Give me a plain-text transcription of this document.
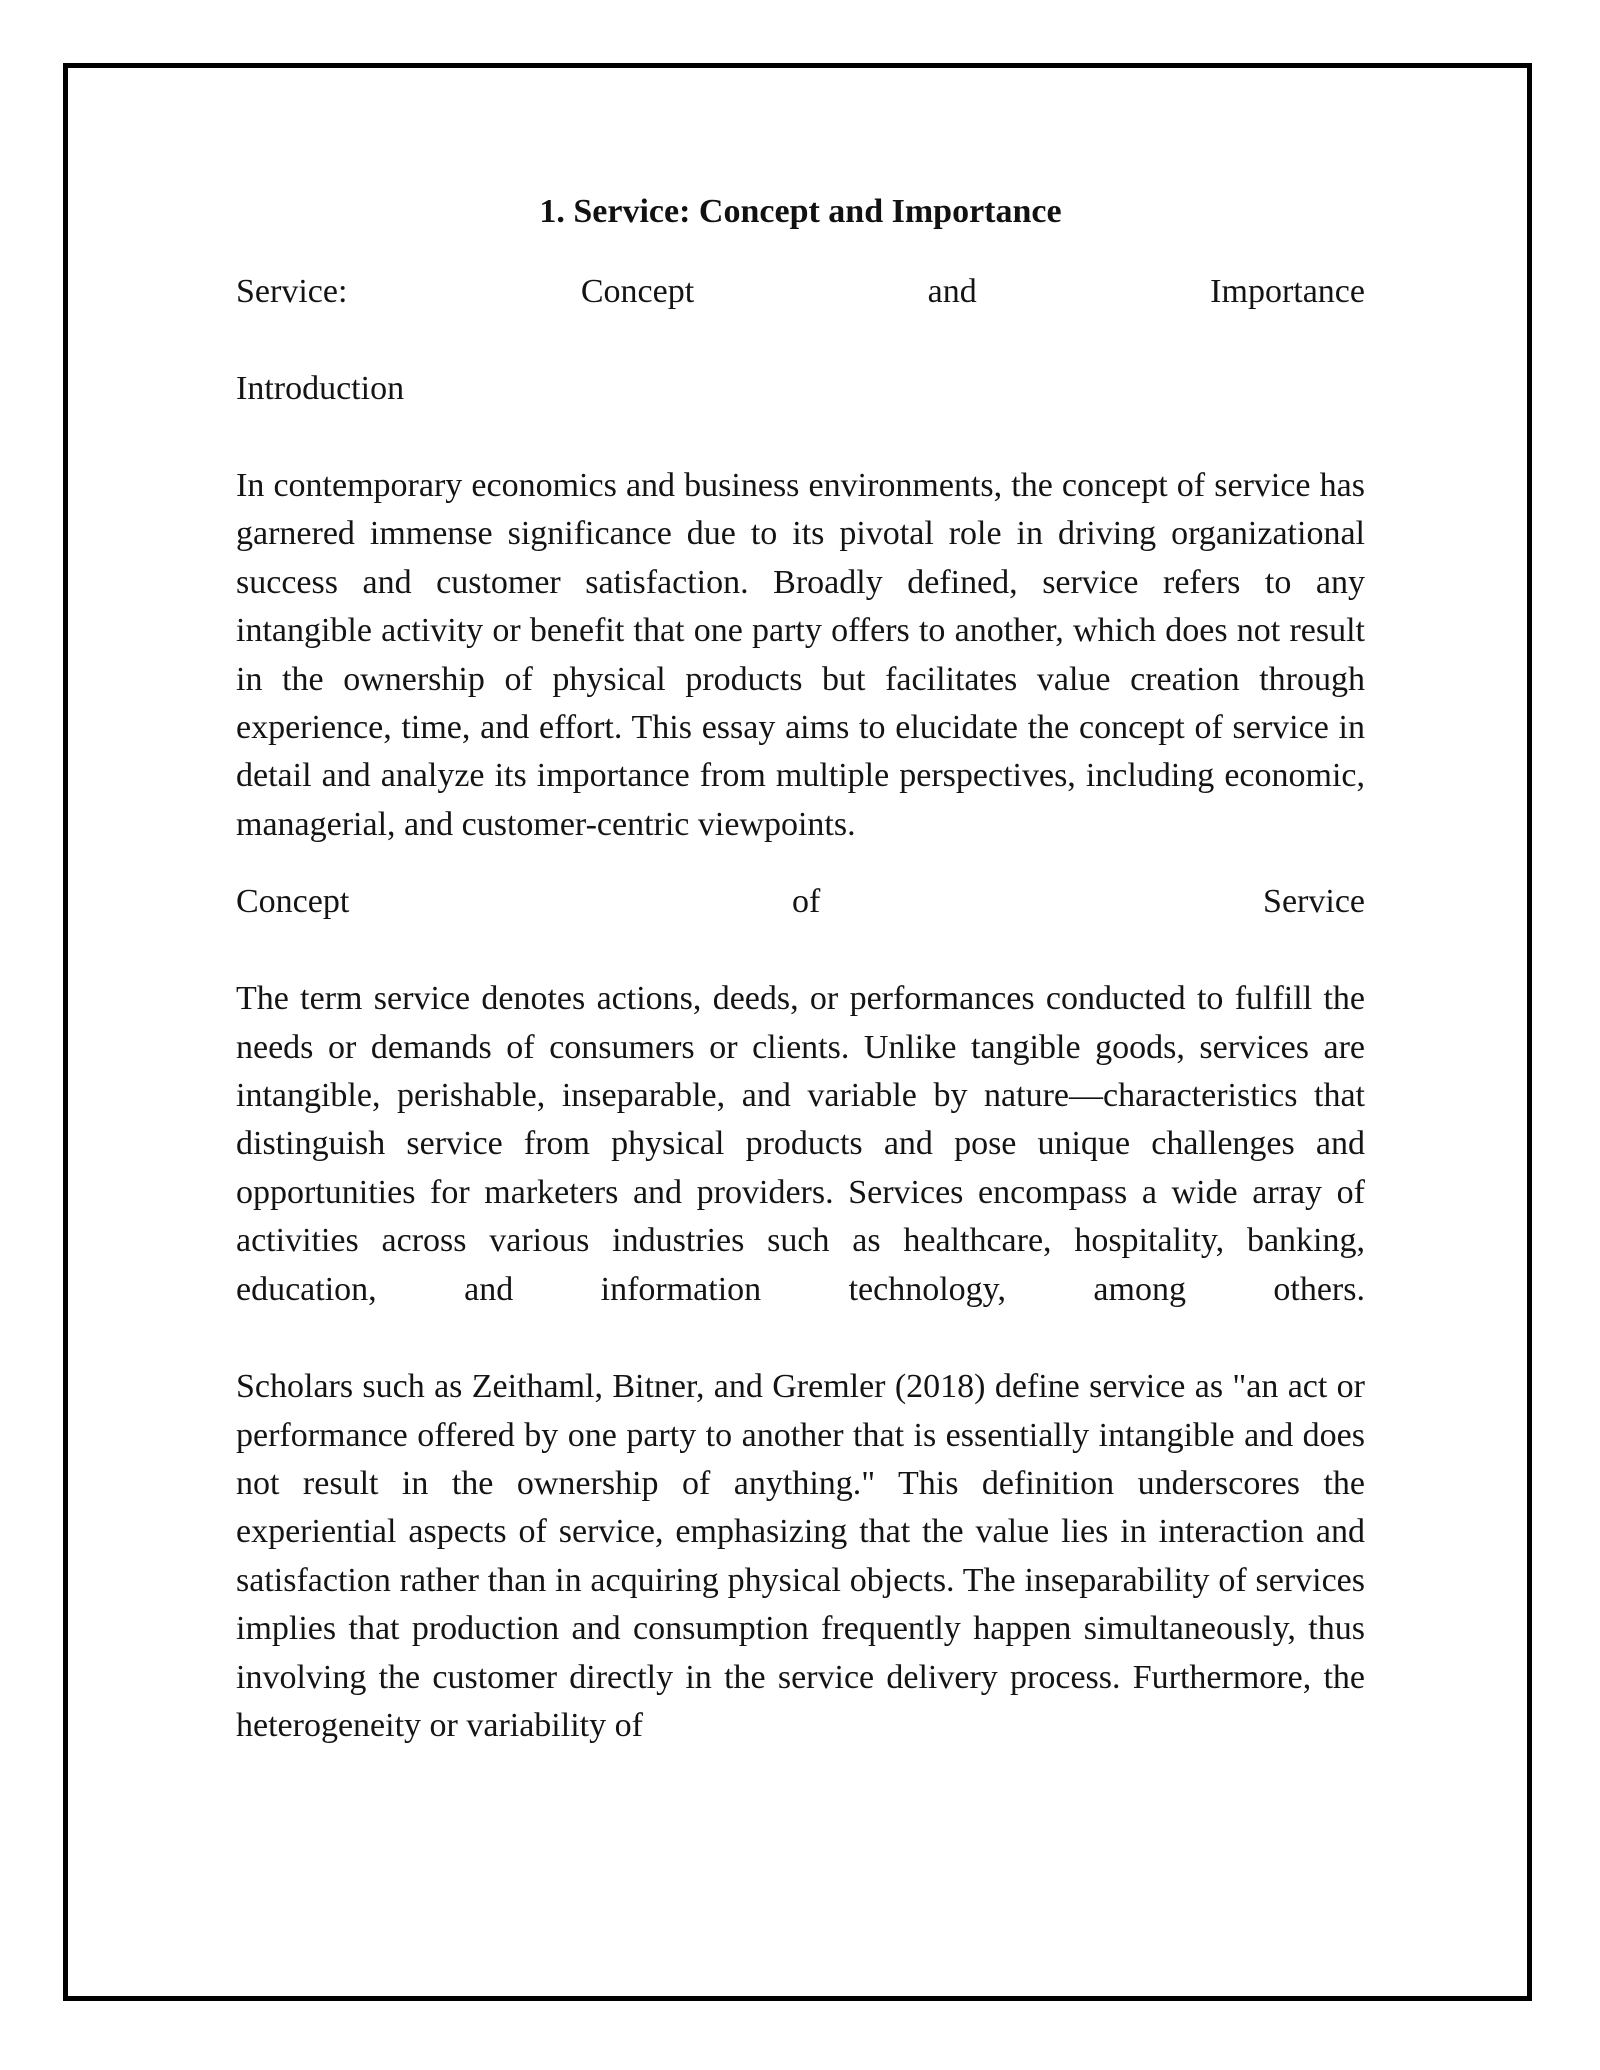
1. Service: Concept and Importance
Service:	Concept	and	Importance

Introduction

In contemporary economics and business environments, the concept of service has garnered immense significance due to its pivotal role in driving organizational success and customer satisfaction. Broadly defined, service refers to any intangible activity or benefit that one party offers to another, which does not result in the ownership of physical products but facilitates value creation through experience, time, and effort. This essay aims to elucidate the concept of service in detail and analyze its importance from multiple perspectives, including economic, managerial, and customer-centric viewpoints.

Concept	of	Service

The term service denotes actions, deeds, or performances conducted to fulfill the needs or demands of consumers or clients. Unlike tangible goods, services are intangible, perishable, inseparable, and variable by nature—characteristics that distinguish service from physical products and pose unique challenges and opportunities for marketers and providers. Services encompass a wide array of activities across various industries such as healthcare, hospitality, banking, education, and information technology, among others.

Scholars such as Zeithaml, Bitner, and Gremler (2018) define service as "an act or performance offered by one party to another that is essentially intangible and does not result in the ownership of anything." This definition underscores the experiential aspects of service, emphasizing that the value lies in interaction and satisfaction rather than in acquiring physical objects. The inseparability of services implies that production and consumption frequently happen simultaneously, thus involving the customer directly in the service delivery process. Furthermore, the heterogeneity or variability of
